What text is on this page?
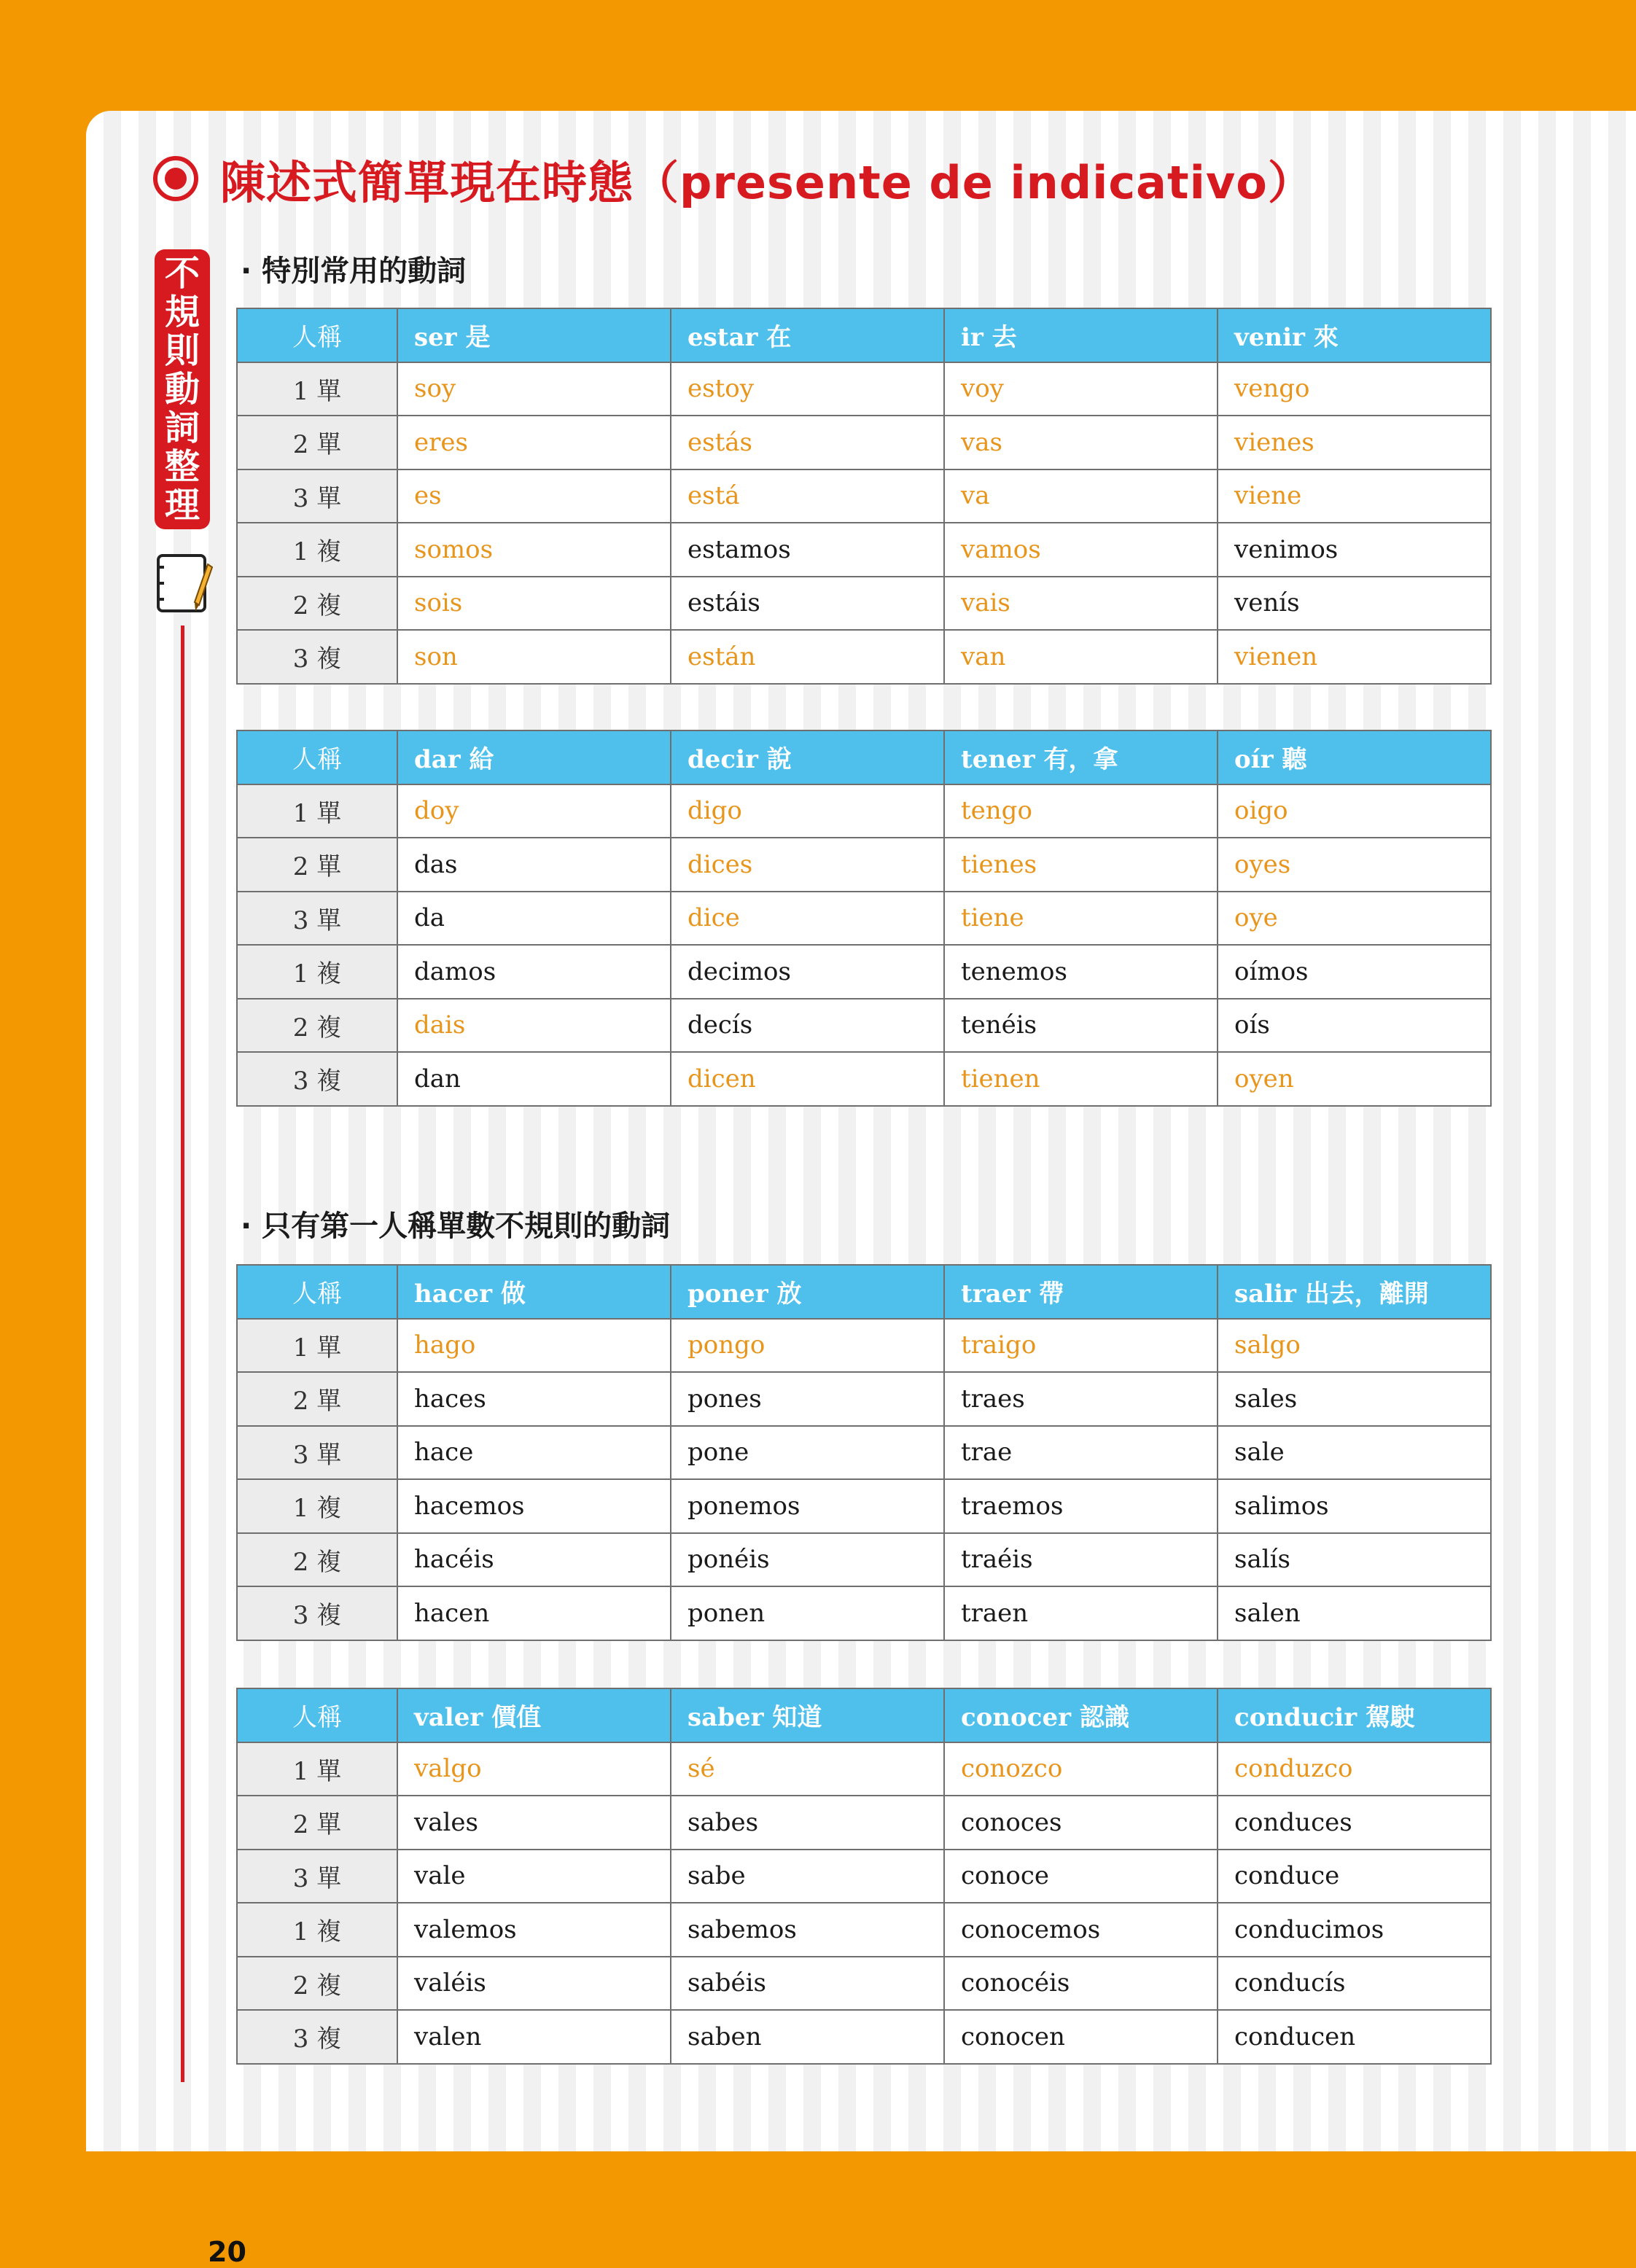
陳述式簡單現在時態（presente de indicativo）
不
規
則
動
詞
整
理
· 特別常用的動詞
· 只有第一人稱單數不規則的動詞
人稱	ser 是	estar 在	ir 去	venir 來
1 單	soy	estoy	voy	vengo
2 單	eres	estás	vas	vienes
3 單	es	está	va	viene
1 複	somos	estamos	vamos	venimos
2 複	sois	estáis	vais	venís
3 複	son	están	van	vienen
人稱	dar 給	decir 說	tener 有，拿	oír 聽
1 單	doy	digo	tengo	oigo
2 單	das	dices	tienes	oyes
3 單	da	dice	tiene	oye
1 複	damos	decimos	tenemos	oímos
2 複	dais	decís	tenéis	oís
3 複	dan	dicen	tienen	oyen
人稱	hacer 做	poner 放	traer 帶	salir 出去，離開
1 單	hago	pongo	traigo	salgo
2 單	haces	pones	traes	sales
3 單	hace	pone	trae	sale
1 複	hacemos	ponemos	traemos	salimos
2 複	hacéis	ponéis	traéis	salís
3 複	hacen	ponen	traen	salen
人稱	valer 價值	saber 知道	conocer 認識	conducir 駕駛
1 單	valgo	sé	conozco	conduzco
2 單	vales	sabes	conoces	conduces
3 單	vale	sabe	conoce	conduce
1 複	valemos	sabemos	conocemos	conducimos
2 複	valéis	sabéis	conocéis	conducís
3 複	valen	saben	conocen	conducen
20
